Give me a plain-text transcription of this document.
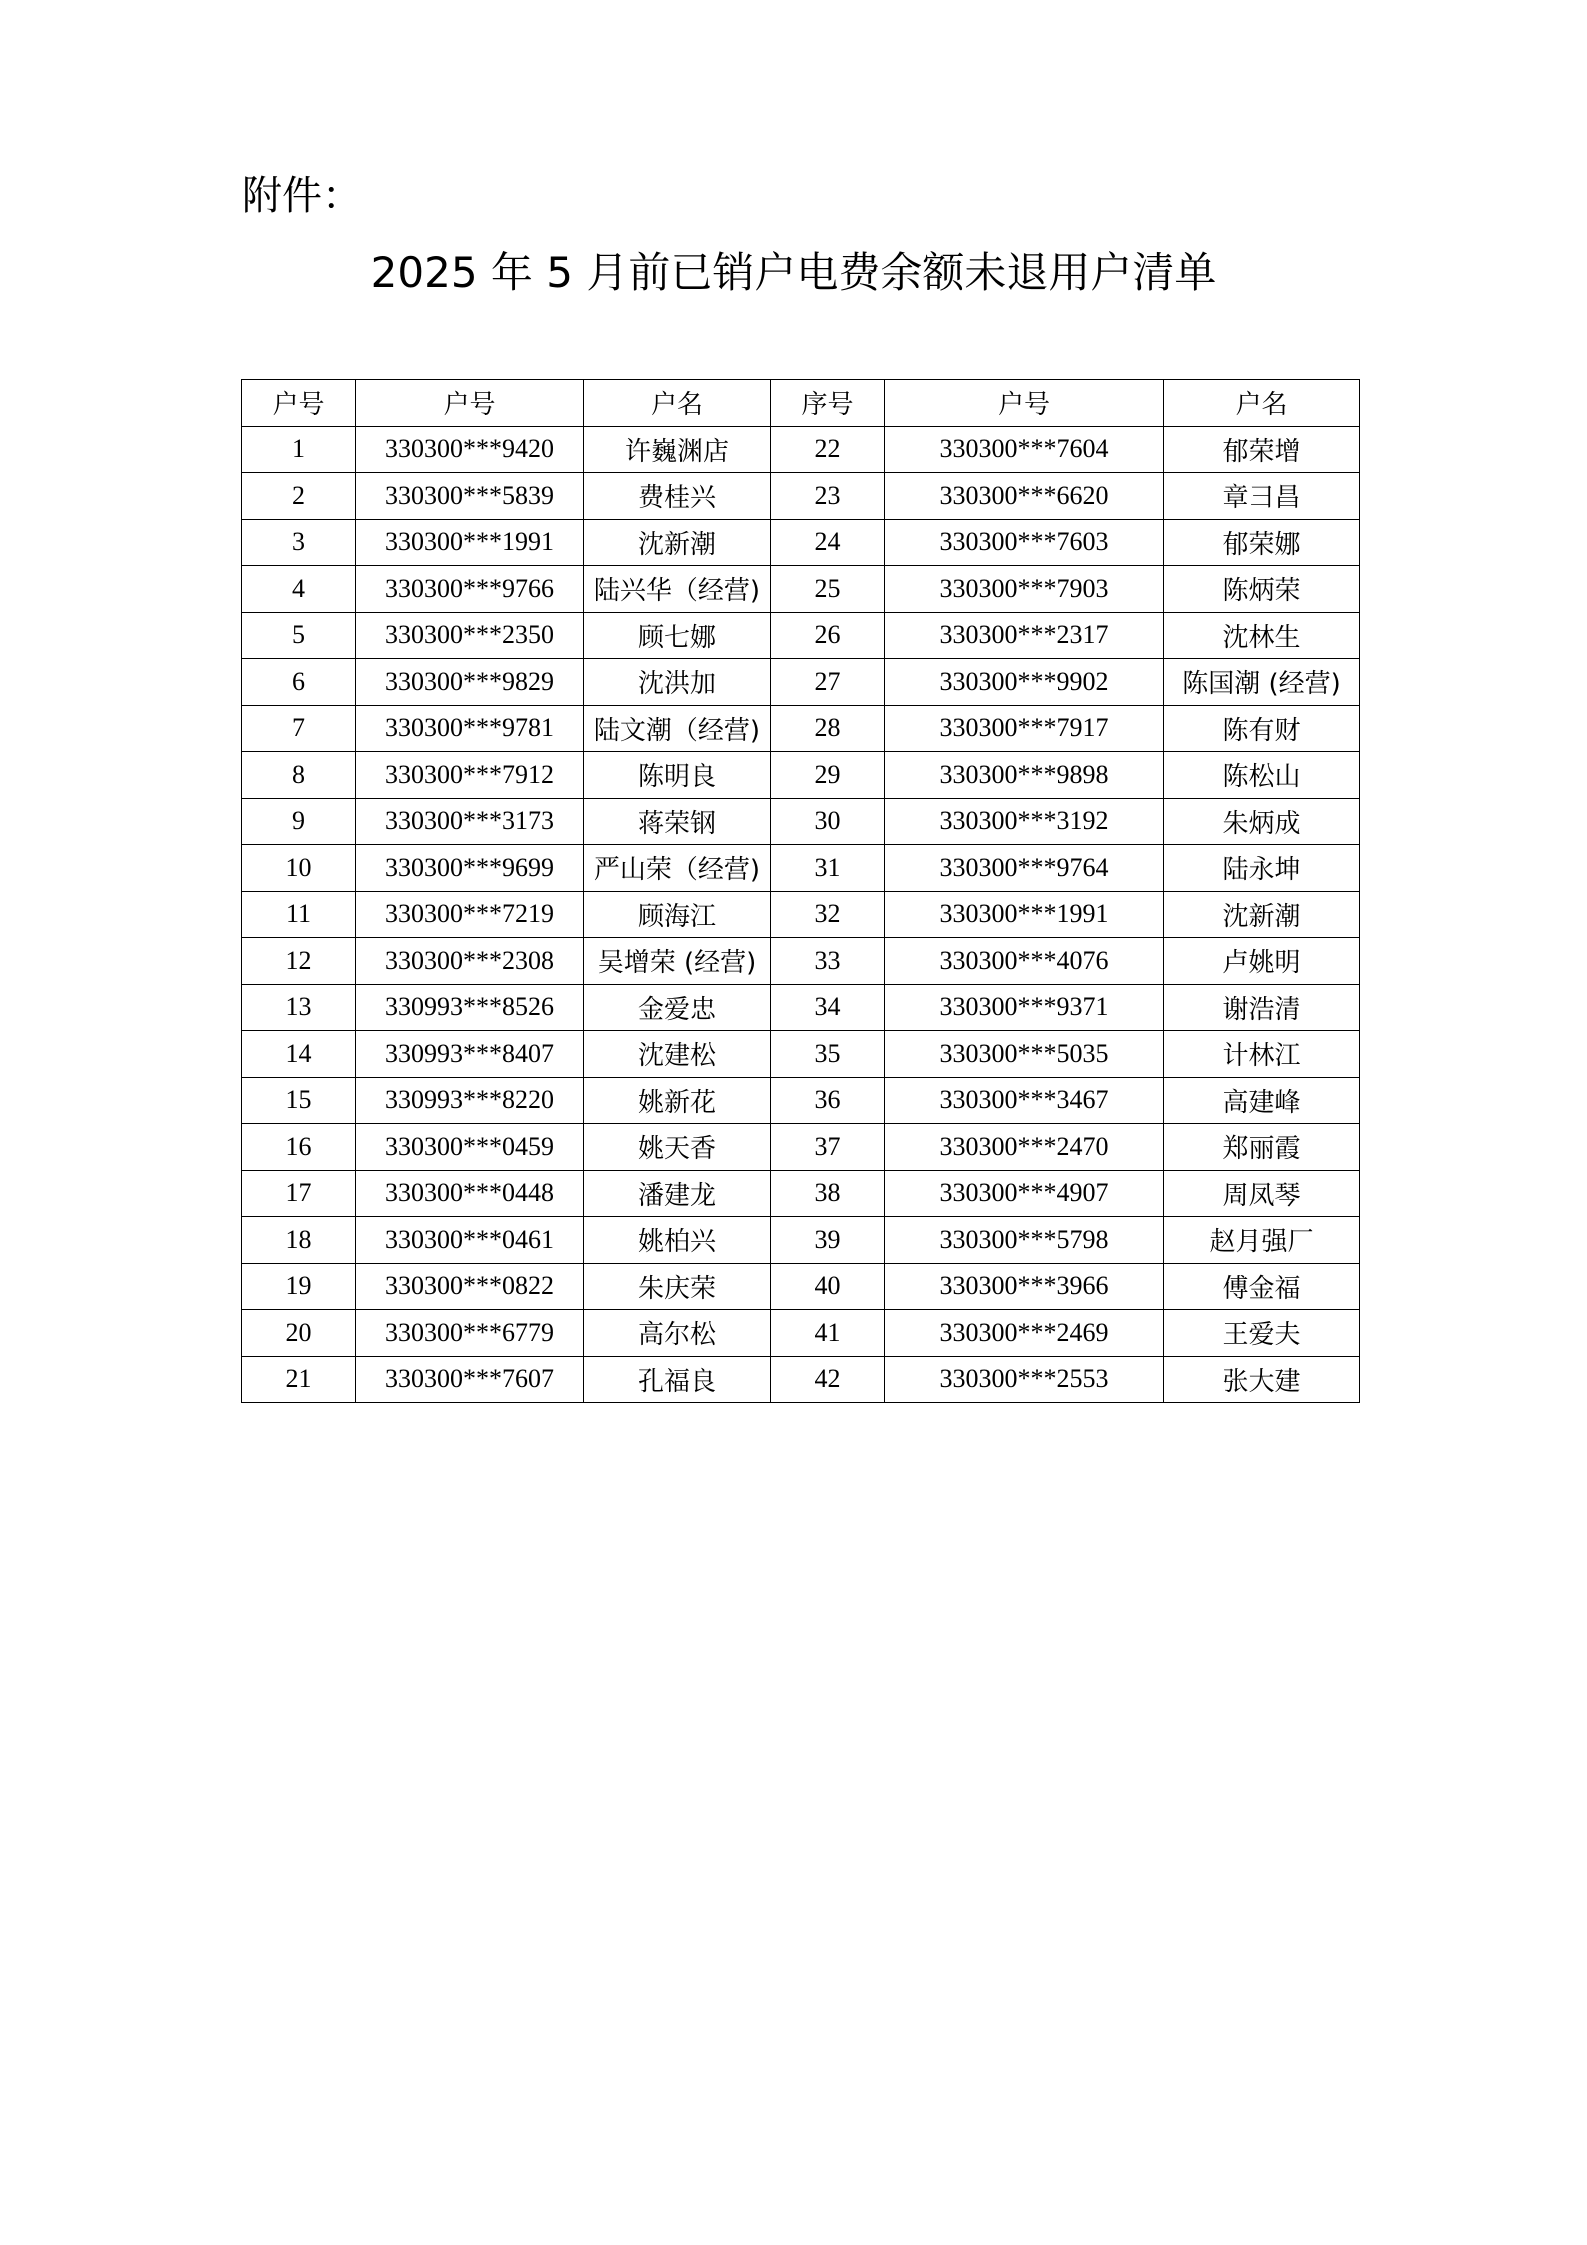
附件：
2025 年 5 月前已销户电费余额未退用户清单
户号	户号	户名	序号	户号	户名
1	330300***9420	许巍渊店	22	330300***7604	郁荣增
2	330300***5839	费桂兴	23	330300***6620	章彐昌
3	330300***1991	沈新潮	24	330300***7603	郁荣娜
4	330300***9766	陆兴华（经营)	25	330300***7903	陈炳荣
5	330300***2350	顾七娜	26	330300***2317	沈林生
6	330300***9829	沈洪加	27	330300***9902	陈国潮 (经营)
7	330300***9781	陆文潮（经营)	28	330300***7917	陈有财
8	330300***7912	陈明良	29	330300***9898	陈松山
9	330300***3173	蒋荣钢	30	330300***3192	朱炳成
10	330300***9699	严山荣（经营)	31	330300***9764	陆永坤
11	330300***7219	顾海江	32	330300***1991	沈新潮
12	330300***2308	吴增荣 (经营)	33	330300***4076	卢姚明
13	330993***8526	金爱忠	34	330300***9371	谢浩清
14	330993***8407	沈建松	35	330300***5035	计林江
15	330993***8220	姚新花	36	330300***3467	高建峰
16	330300***0459	姚天香	37	330300***2470	郑丽霞
17	330300***0448	潘建龙	38	330300***4907	周凤琴
18	330300***0461	姚柏兴	39	330300***5798	赵月强厂
19	330300***0822	朱庆荣	40	330300***3966	傅金福
20	330300***6779	高尔松	41	330300***2469	王爱夫
21	330300***7607	孔福良	42	330300***2553	张大建
